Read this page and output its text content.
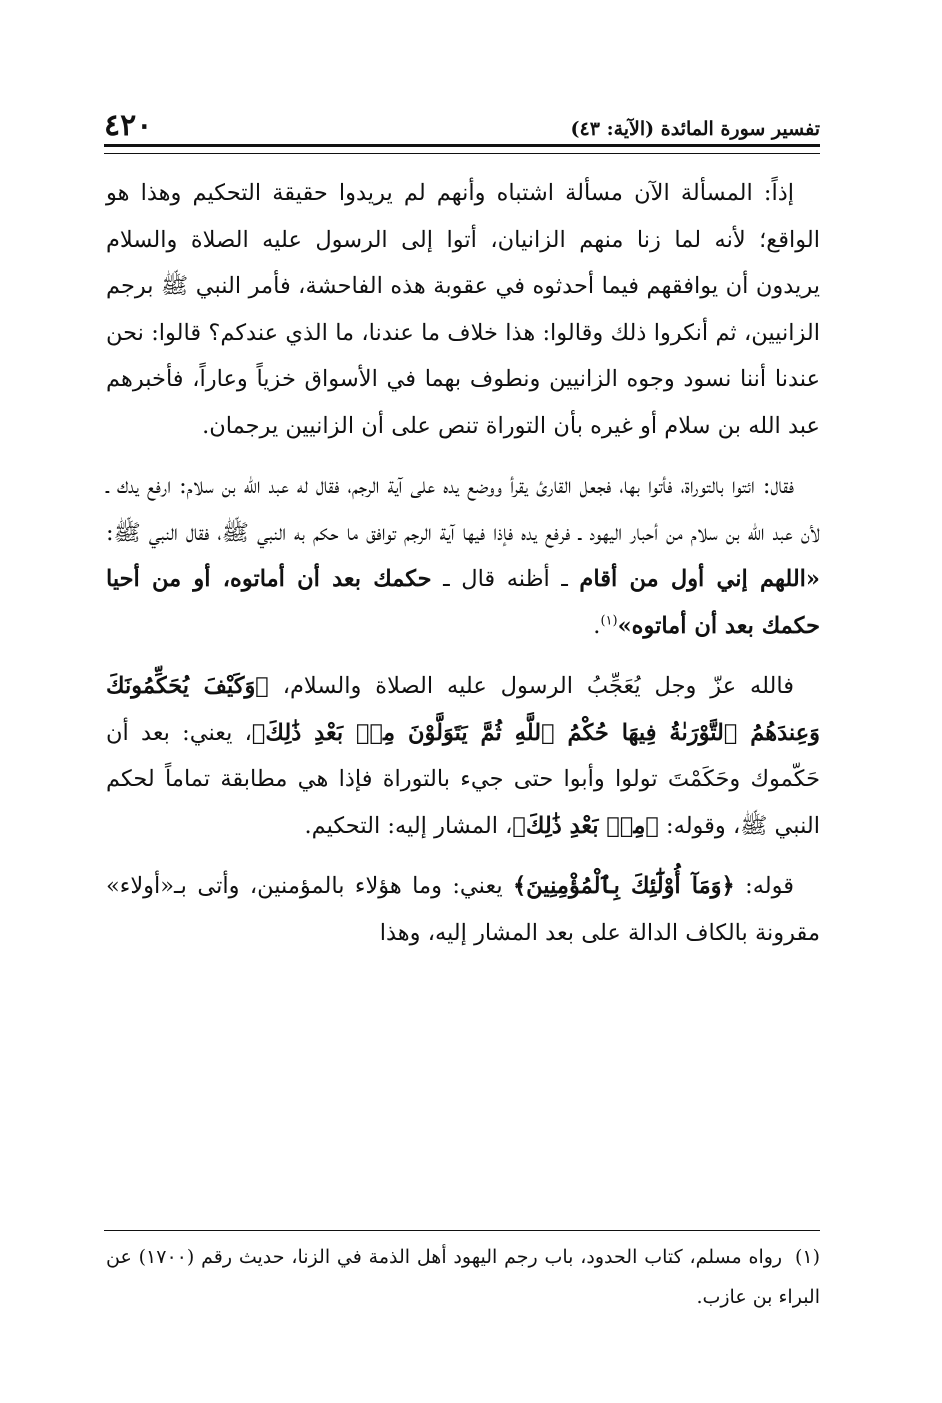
تفسير سورة المائدة (الآية: ٤٣)
٤٢٠

إذاً: المسألة الآن مسألة اشتباه وأنهم لم يريدوا حقيقة التحكيم وهذا هو الواقع؛ لأنه لما زنا منهم الزانيان، أتوا إلى الرسول عليه الصلاة والسلام يريدون أن يوافقهم فيما أحدثوه في عقوبة هذه الفاحشة، فأمر النبي ﷺ برجم الزانيين، ثم أنكروا ذلك وقالوا: هذا خلاف ما عندنا، ما الذي عندكم؟ قالوا: نحن عندنا أننا نسود وجوه الزانيين ونطوف بهما في الأسواق خزياً وعاراً، فأخبرهم عبد الله بن سلام أو غيره بأن التوراة تنص على أن الزانيين يرجمان.

فقال: ائتوا بالتوراة، فأتوا بها، فجعل القارئ يقرأ ووضع يده على آية الرجم، فقال له عبد الله بن سلام: ارفع يدك ـ لأن عبد الله بن سلام من أحبار اليهود ـ فرفع يده فإذا فيها آية الرجم توافق ما حكم به النبي ﷺ، فقال النبي ﷺ: «اللهم إني أول من أقام ـ أظنه قال ـ حكمك بعد أن أماتوه، أو من أحيا حكمك بعد أن أماتوه»$^{(١)}$.

فالله عزّ وجل يُعَجِّبُ الرسول عليه الصلاة والسلام، ﴿وَكَيْفَ يُحَكِّمُونَكَ وَعِندَهُمُ ٱلتَّوْرَىٰةُ فِيهَا حُكْمُ ٱللَّهِ ثُمَّ يَتَوَلَّوْنَ مِنۢ بَعْدِ ذَٰلِكَ﴾، يعني: بعد أن حَكّموك وحَكَمْتَ تولوا وأبوا حتى جيء بالتوراة فإذا هي مطابقة تماماً لحكم النبي ﷺ، وقوله: ﴿مِنۢ بَعْدِ ذَٰلِكَ﴾، المشار إليه: التحكيم.

قوله: ﴿وَمَآ أُوْلَٰٓئِكَ بِٱلْمُؤْمِنِينَ﴾ يعني: وما هؤلاء بالمؤمنين، وأتى بـ«أولاء» مقرونة بالكاف الدالة على بعد المشار إليه، وهذا

(١) رواه مسلم، كتاب الحدود، باب رجم اليهود أهل الذمة في الزنا، حديث رقم (١٧٠٠) عن البراء بن عازب.
